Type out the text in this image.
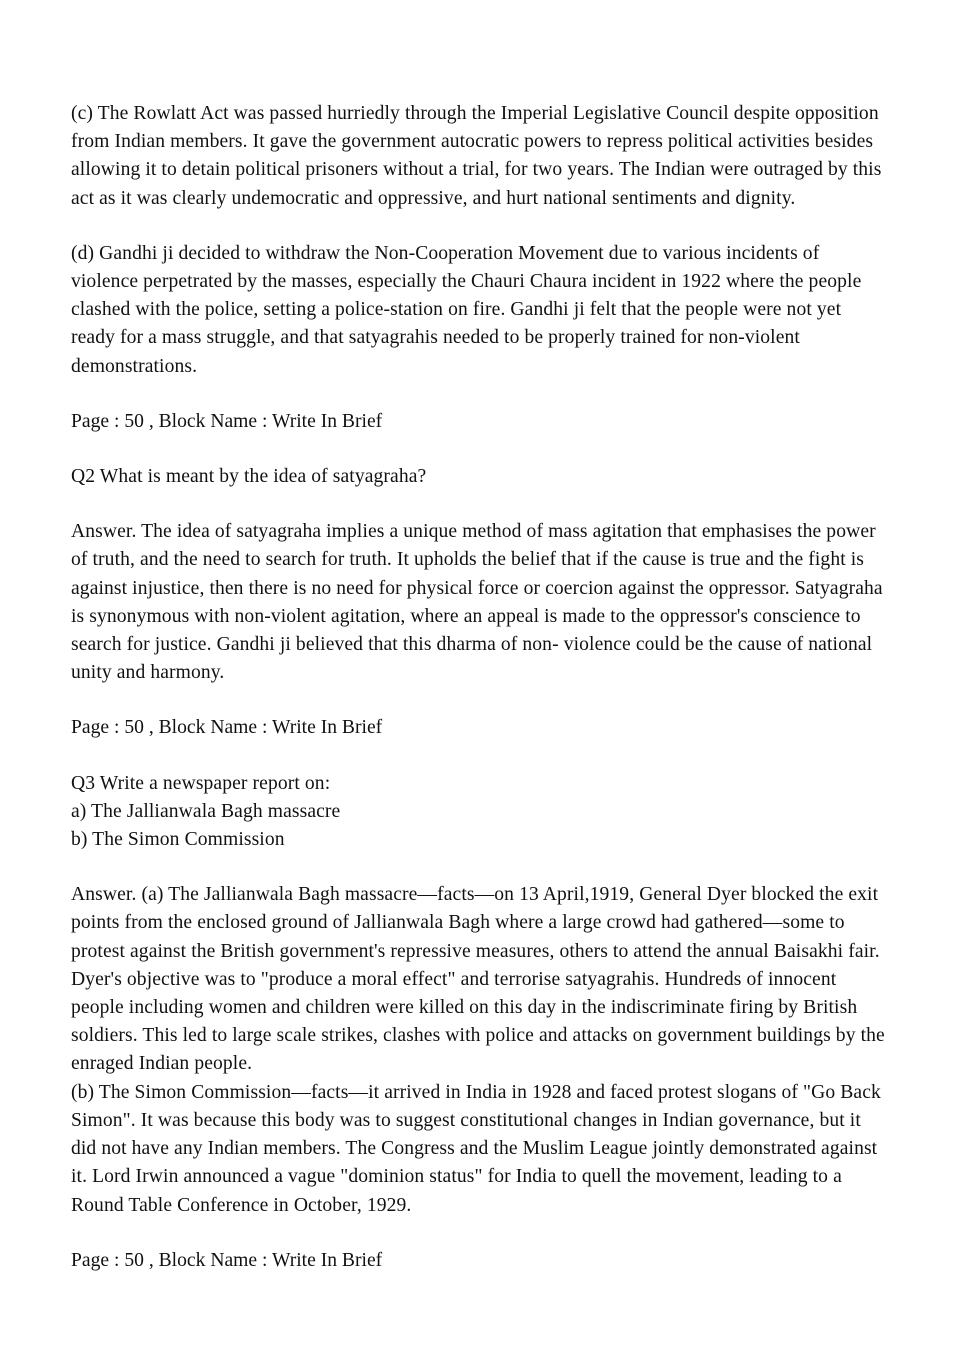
(c) The Rowlatt Act was passed hurriedly through the Imperial Legislative Council despite opposition from Indian members. It gave the government autocratic powers to repress political activities besides allowing it to detain political prisoners without a trial, for two years. The Indian were outraged by this act as it was clearly undemocratic and oppressive, and hurt national sentiments and dignity.

(d) Gandhi ji decided to withdraw the Non-Cooperation Movement due to various incidents of violence perpetrated by the masses, especially the Chauri Chaura incident in 1922 where the people clashed with the police, setting a police-station on fire. Gandhi ji felt that the people were not yet ready for a mass struggle, and that satyagrahis needed to be properly trained for non-violent demonstrations.

Page : 50 , Block Name : Write In Brief

Q2 What is meant by the idea of satyagraha?

Answer. The idea of satyagraha implies a unique method of mass agitation that emphasises the power of truth, and the need to search for truth. It upholds the belief that if the cause is true and the fight is against injustice, then there is no need for physical force or coercion against the oppressor. Satyagraha is synonymous with non-violent agitation, where an appeal is made to the oppressor's conscience to search for justice. Gandhi ji believed that this dharma of non- violence could be the cause of national unity and harmony.

Page : 50 , Block Name : Write In Brief

Q3 Write a newspaper report on:
a) The Jallianwala Bagh massacre
b) The Simon Commission

Answer. (a) The Jallianwala Bagh massacre—facts—on 13 April,1919, General Dyer blocked the exit points from the enclosed ground of Jallianwala Bagh where a large crowd had gathered—some to protest against the British government's repressive measures, others to attend the annual Baisakhi fair. Dyer's objective was to "produce a moral effect" and terrorise satyagrahis. Hundreds of innocent people including women and children were killed on this day in the indiscriminate firing by British soldiers. This led to large scale strikes, clashes with police and attacks on government buildings by the enraged Indian people.
(b) The Simon Commission—facts—it arrived in India in 1928 and faced protest slogans of "Go Back Simon". It was because this body was to suggest constitutional changes in Indian governance, but it did not have any Indian members. The Congress and the Muslim League jointly demonstrated against it. Lord Irwin announced a vague "dominion status" for India to quell the movement, leading to a Round Table Conference in October, 1929.

Page : 50 , Block Name : Write In Brief
